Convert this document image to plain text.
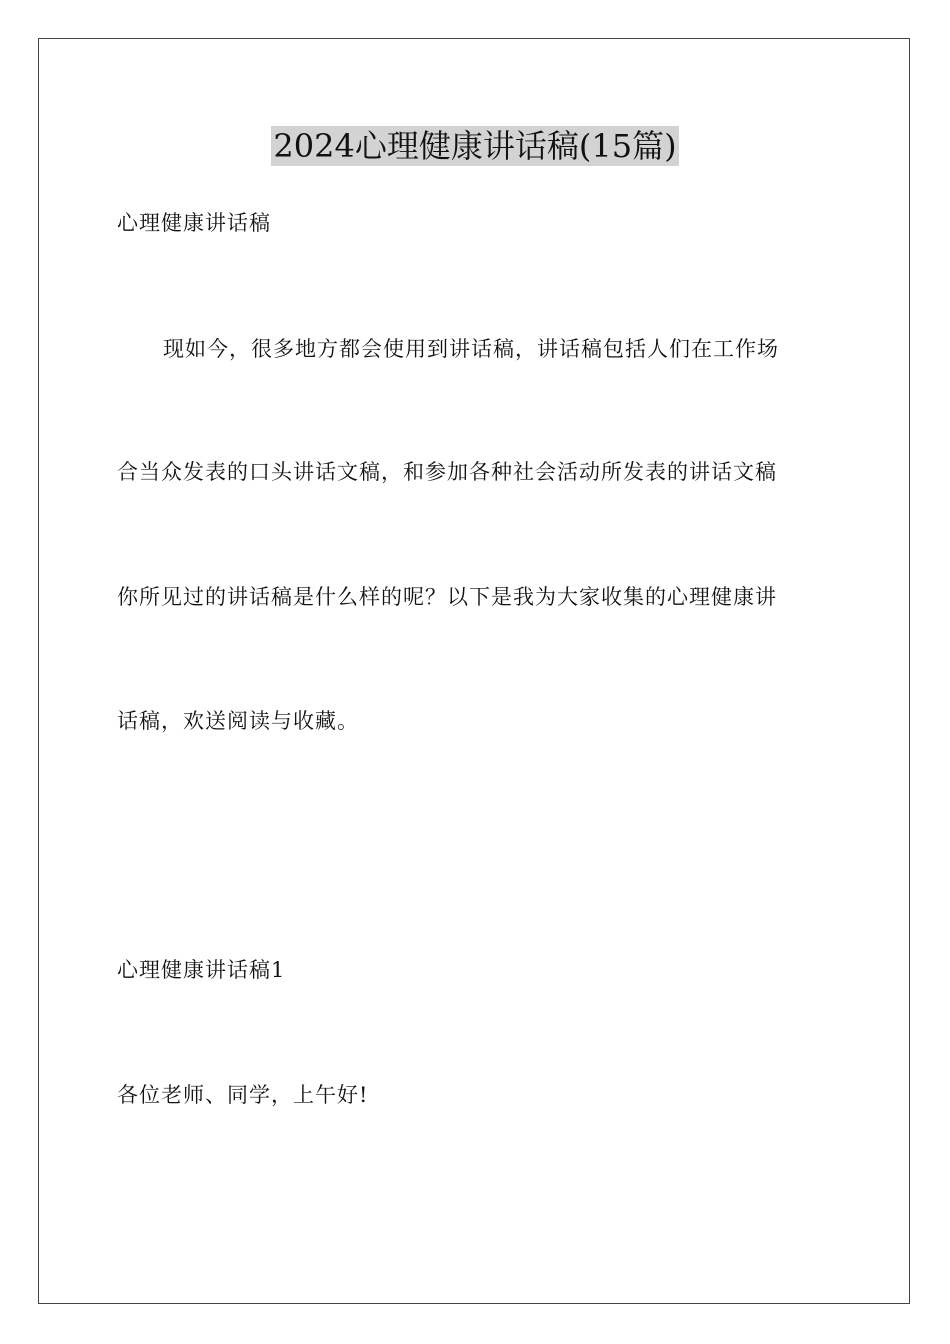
2024心理健康讲话稿(15篇)
心理健康讲话稿
现如今，很多地方都会使用到讲话稿，讲话稿包括人们在工作场
合当众发表的口头讲话文稿，和参加各种社会活动所发表的讲话文稿
你所见过的讲话稿是什么样的呢？以下是我为大家收集的心理健康讲
话稿，欢送阅读与收藏。
心理健康讲话稿1
各位老师、同学，上午好!
